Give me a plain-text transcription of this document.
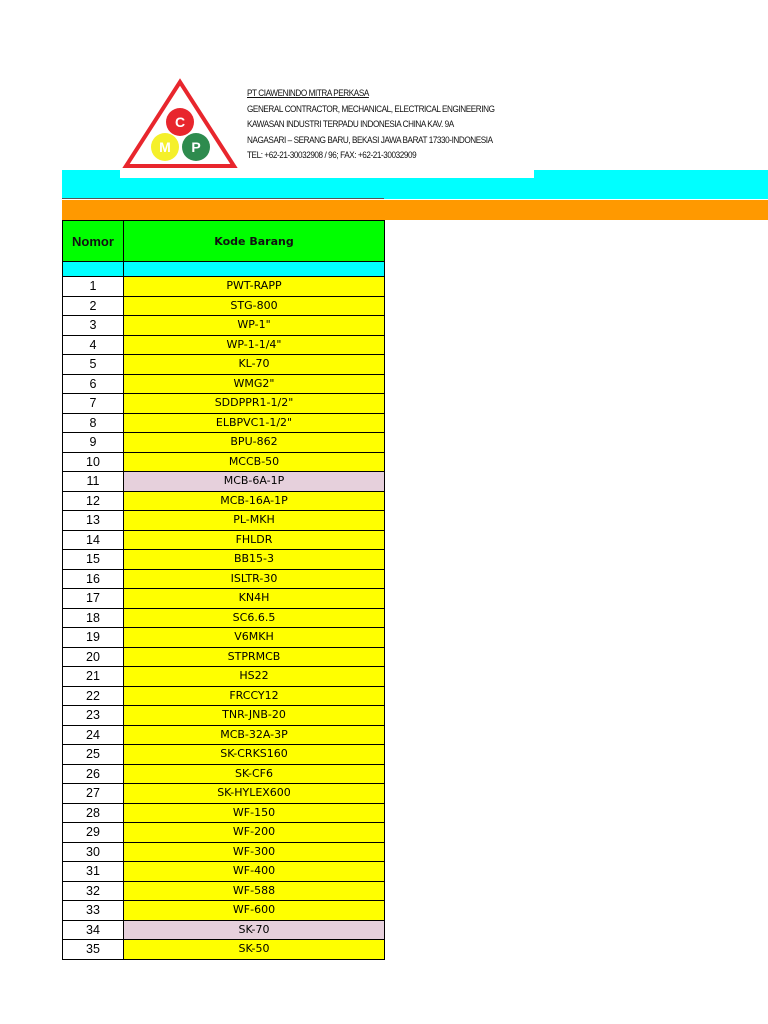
C
M P
PT CIAWENINDO MITRA PERKASA
GENERAL CONTRACTOR, MECHANICAL, ELECTRICAL ENGINEERING
KAWASAN INDUSTRI TERPADU INDONESIA CHINA KAV. 9A
NAGASARI – SERANG BARU, BEKASI JAWA BARAT 17330-INDONESIA
TEL: +62-21-30032908 / 96; FAX: +62-21-30032909
Nomor	Kode Barang

1	PWT-RAPP
2	STG-800
3	WP-1"
4	WP-1-1/4"
5	KL-70
6	WMG2"
7	SDDPPR1-1/2"
8	ELBPVC1-1/2"
9	BPU-862
10	MCCB-50
11	MCB-6A-1P
12	MCB-16A-1P
13	PL-MKH
14	FHLDR
15	BB15-3
16	ISLTR-30
17	KN4H
18	SC6.6.5
19	V6MKH
20	STPRMCB
21	HS22
22	FRCCY12
23	TNR-JNB-20
24	MCB-32A-3P
25	SK-CRKS160
26	SK-CF6
27	SK-HYLEX600
28	WF-150
29	WF-200
30	WF-300
31	WF-400
32	WF-588
33	WF-600
34	SK-70
35	SK-50
